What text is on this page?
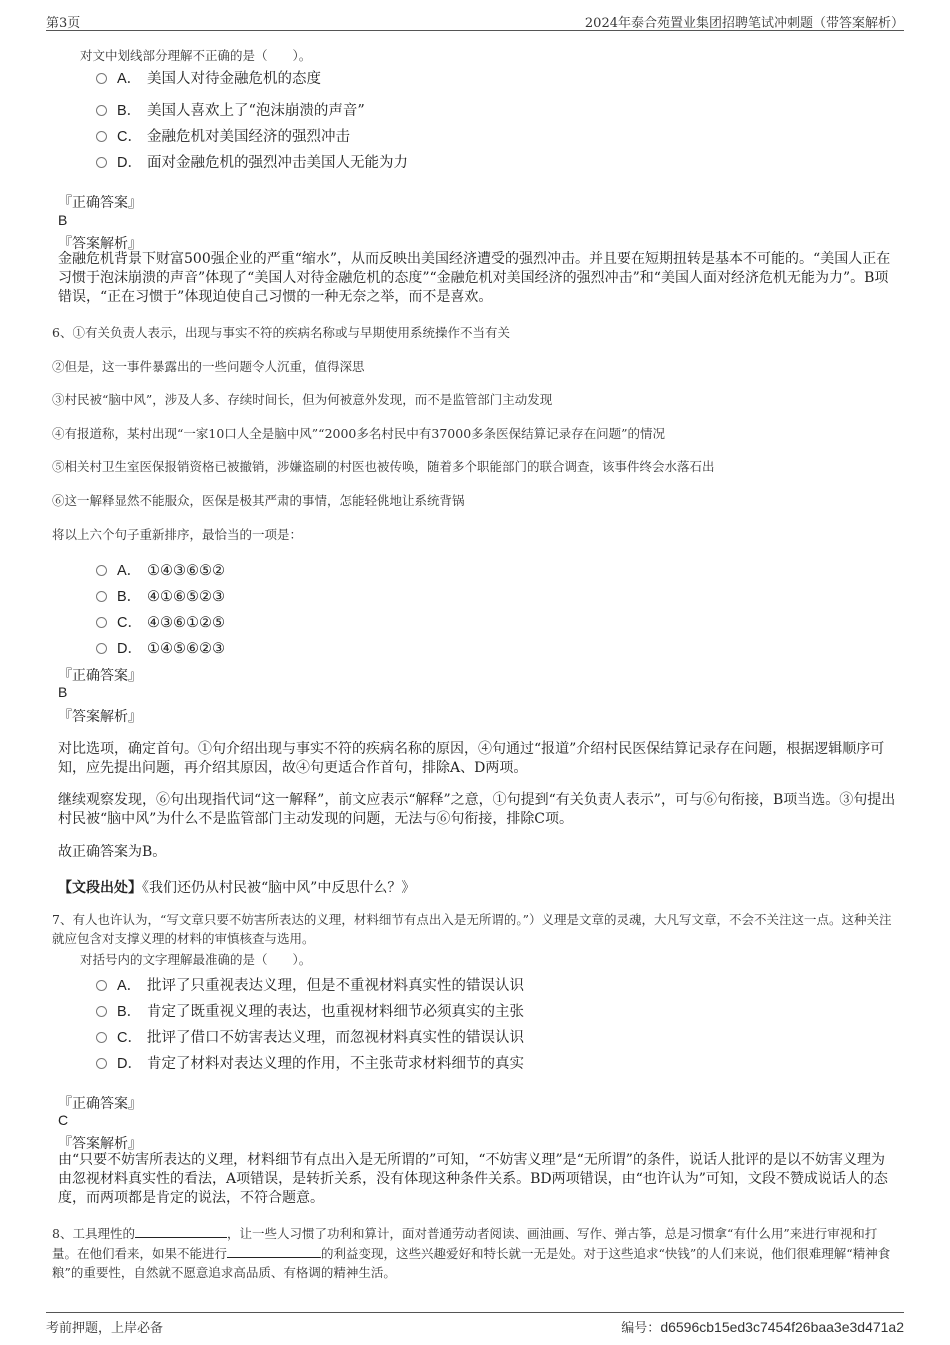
第3页	2024年泰合苑置业集团招聘笔试冲刺题（带答案解析）
对文中划线部分理解不正确的是（　　）。
A． 美国人对待金融危机的态度
B． 美国人喜欢上了“泡沫崩溃的声音”
C． 金融危机对美国经济的强烈冲击
D． 面对金融危机的强烈冲击美国人无能为力
『正确答案』
B
『答案解析』
金融危机背景下财富500强企业的严重“缩水”，从而反映出美国经济遭受的强烈冲击。并且要在短期扭转是基本不可能的。“美国人正在习惯于泡沫崩溃的声音”体现了“美国人对待金融危机的态度”“金融危机对美国经济的强烈冲击”和“美国人面对经济危机无能为力”。B项错误，“正在习惯于”体现迫使自己习惯的一种无奈之举，而不是喜欢。
6、①有关负责人表示，出现与事实不符的疾病名称或与早期使用系统操作不当有关
②但是，这一事件暴露出的一些问题令人沉重，值得深思
③村民被“脑中风”，涉及人多、存续时间长，但为何被意外发现，而不是监管部门主动发现
④有报道称，某村出现“一家10口人全是脑中风”“2000多名村民中有37000多条医保结算记录存在问题”的情况
⑤相关村卫生室医保报销资格已被撤销，涉嫌盗刷的村医也被传唤，随着多个职能部门的联合调查，该事件终会水落石出
⑥这一解释显然不能服众，医保是极其严肃的事情，怎能轻佻地让系统背锅
将以上六个句子重新排序，最恰当的一项是：
A． ①④③⑥⑤②
B． ④①⑥⑤②③
C． ④③⑥①②⑤
D． ①④⑤⑥②③
『正确答案』
B
『答案解析』
对比选项，确定首句。①句介绍出现与事实不符的疾病名称的原因，④句通过“报道”介绍村民医保结算记录存在问题，根据逻辑顺序可知，应先提出问题，再介绍其原因，故④句更适合作首句，排除A、D两项。
继续观察发现，⑥句出现指代词“这一解释”，前文应表示“解释”之意，①句提到“有关负责人表示”，可与⑥句衔接，B项当选。③句提出村民被“脑中风”为什么不是监管部门主动发现的问题，无法与⑥句衔接，排除C项。
故正确答案为B。
【文段出处】《我们还仍从村民被“脑中风”中反思什么？》
7、有人也许认为，“写文章只要不妨害所表达的义理，材料细节有点出入是无所谓的。”）义理是文章的灵魂，大凡写文章，不会不关注这一点。这种关注就应包含对支撑义理的材料的审慎核查与选用。
对括号内的文字理解最准确的是（　　）。
A． 批评了只重视表达义理，但是不重视材料真实性的错误认识
B． 肯定了既重视义理的表达，也重视材料细节必须真实的主张
C． 批评了借口不妨害表达义理，而忽视材料真实性的错误认识
D． 肯定了材料对表达义理的作用，不主张苛求材料细节的真实
『正确答案』
C
『答案解析』
由“只要不妨害所表达的义理，材料细节有点出入是无所谓的”可知，“不妨害义理”是“无所谓”的条件，说话人批评的是以不妨害义理为由忽视材料真实性的看法，A项错误，是转折关系，没有体现这种条件关系。BD两项错误，由“也许认为”可知，文段不赞成说话人的态度，而两项都是肯定的说法，不符合题意。
8、工具理性的	，让一些人习惯了功利和算计，面对普通劳动者阅读、画油画、写作、弹古筝，总是习惯拿“有什么用”来进行审视和打量。在他们看来，如果不能进行	的利益变现，这些兴趣爱好和特长就一无是处。对于这些追求“快钱”的人们来说，他们很难理解“精神食粮”的重要性，自然就不愿意追求高品质、有格调的精神生活。
考前押题，上岸必备	编号：d6596cb15ed3c7454f26baa3e3d471a2
